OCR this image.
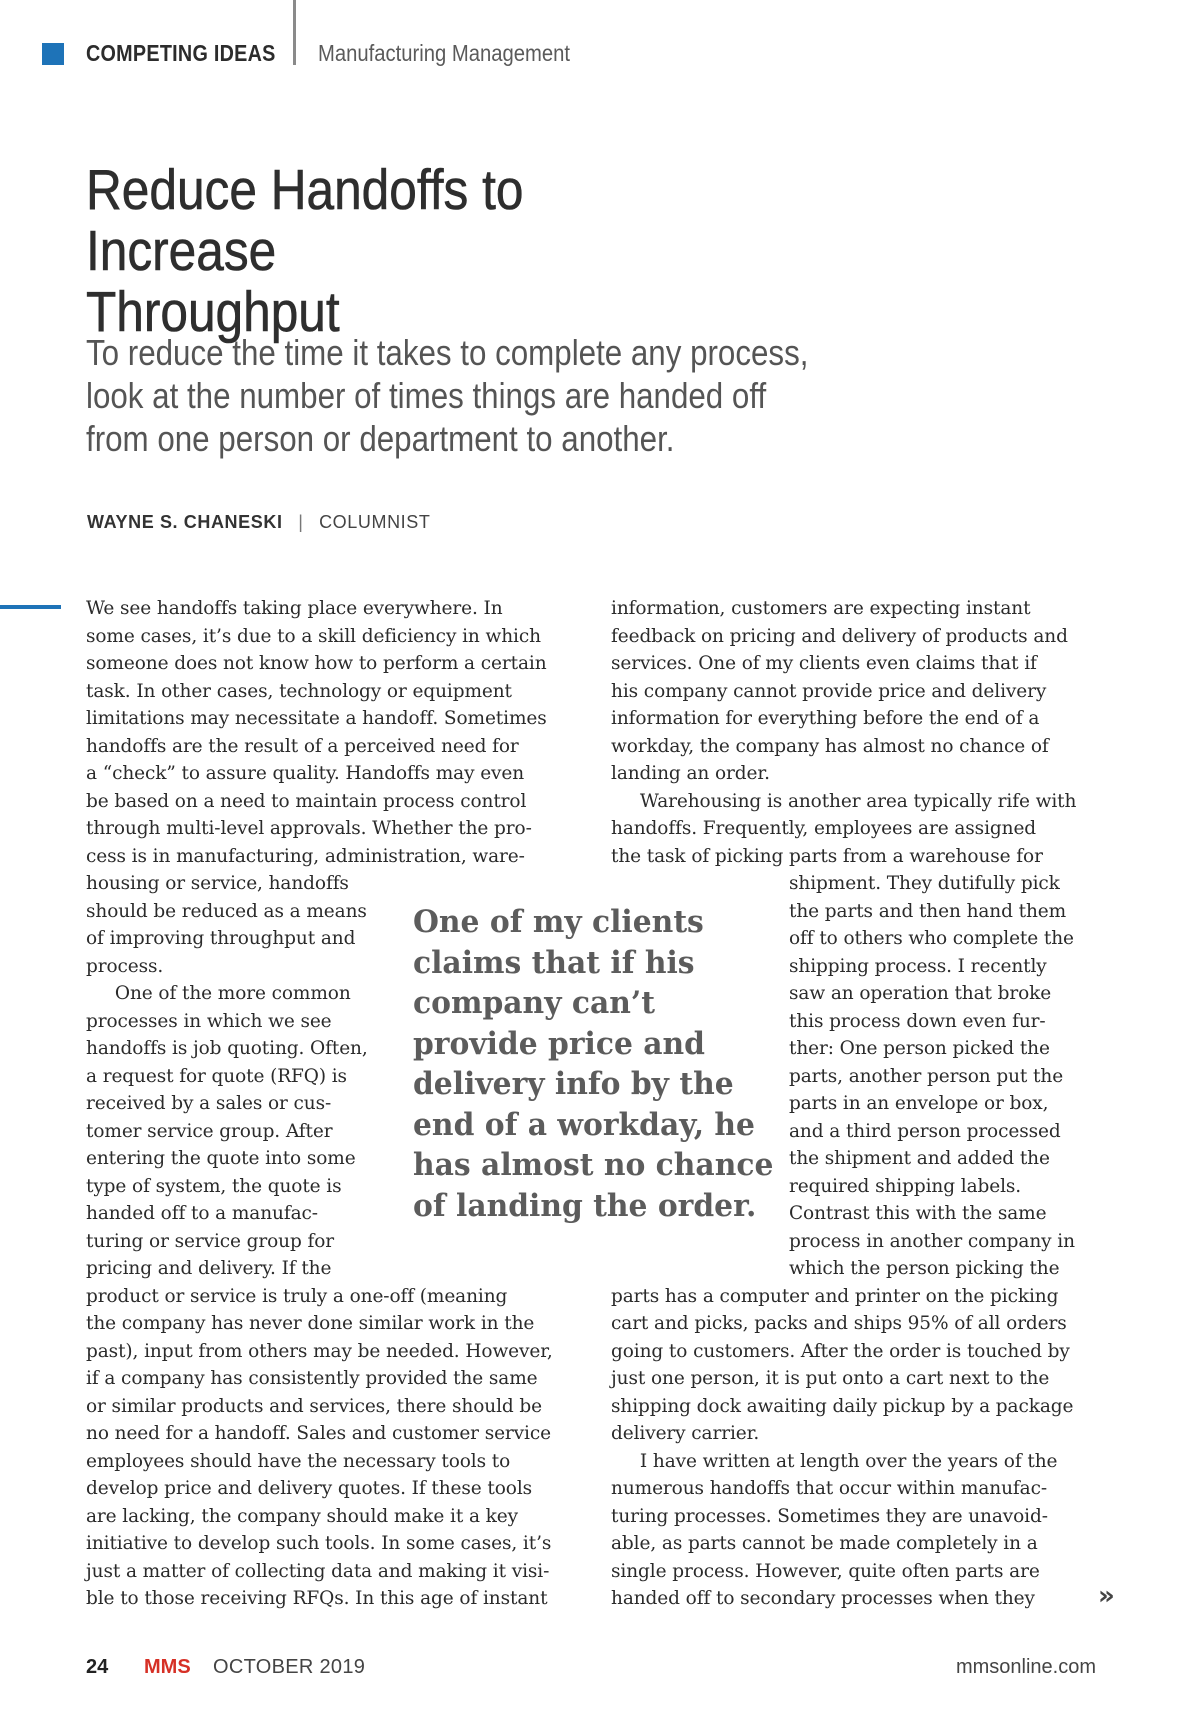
COMPETING IDEAS Manufacturing Management
Reduce Handoffs to Increase
Throughput
To reduce the time it takes to complete any process,
look at the number of times things are handed off
from one person or department to another.
WAYNE S. CHANESKI | COLUMNIST
We see handoffs taking place everywhere. In
some cases, it’s due to a skill deficiency in which
someone does not know how to perform a certain
task. In other cases, technology or equipment
limitations may necessitate a handoff. Sometimes
handoffs are the result of a perceived need for
a “check” to assure quality. Handoffs may even
be based on a need to maintain process control
through multi-level approvals. Whether the pro-
cess is in manufacturing, administration, ware-
housing or service, handoffs
should be reduced as a means
of improving throughput and
process.
One of the more common
processes in which we see
handoffs is job quoting. Often,
a request for quote (RFQ) is
received by a sales or cus-
tomer service group. After
entering the quote into some
type of system, the quote is
handed off to a manufac-
turing or service group for
pricing and delivery. If the
product or service is truly a one-off (meaning
the company has never done similar work in the
past), input from others may be needed. However,
if a company has consistently provided the same
or similar products and services, there should be
no need for a handoff. Sales and customer service
employees should have the necessary tools to
develop price and delivery quotes. If these tools
are lacking, the company should make it a key
initiative to develop such tools. In some cases, it’s
just a matter of collecting data and making it visi-
ble to those receiving RFQs. In this age of instant
information, customers are expecting instant
feedback on pricing and delivery of products and
services. One of my clients even claims that if
his company cannot provide price and delivery
information for everything before the end of a
workday, the company has almost no chance of
landing an order.
Warehousing is another area typically rife with
handoffs. Frequently, employees are assigned
the task of picking parts from a warehouse for
shipment. They dutifully pick
the parts and then hand them
off to others who complete the
shipping process. I recently
saw an operation that broke
this process down even fur-
ther: One person picked the
parts, another person put the
parts in an envelope or box,
and a third person processed
the shipment and added the
required shipping labels.
Contrast this with the same
process in another company in
which the person picking the
parts has a computer and printer on the picking
cart and picks, packs and ships 95% of all orders
going to customers. After the order is touched by
just one person, it is put onto a cart next to the
shipping dock awaiting daily pickup by a package
delivery carrier.
I have written at length over the years of the
numerous handoffs that occur within manufac-
turing processes. Sometimes they are unavoid-
able, as parts cannot be made completely in a
single process. However, quite often parts are
handed off to secondary processes when they
One of my clients
claims that if his
company can’t
provide price and
delivery info by the
end of a workday, he
has almost no chance
of landing the order.
»
24 MMS OCTOBER 2019	mmsonline.com
